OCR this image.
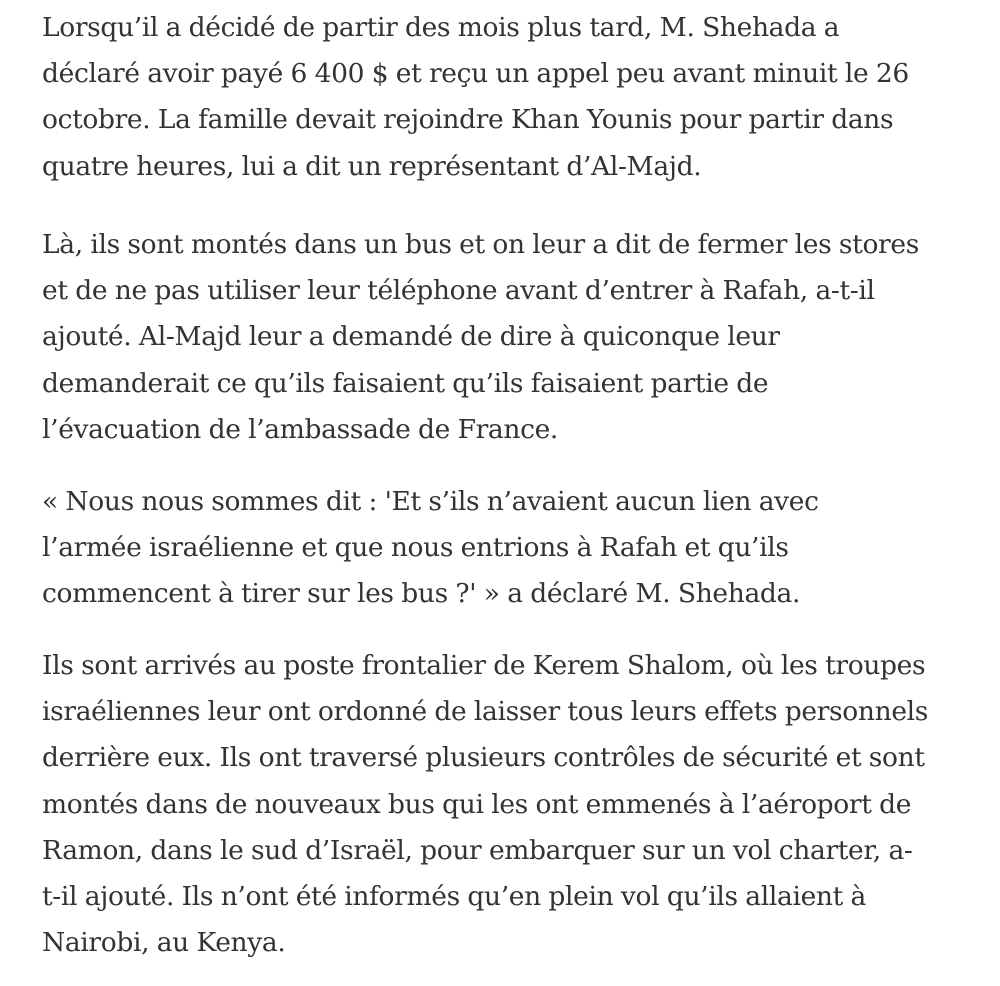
Lorsqu’il a décidé de partir des mois plus tard, M. Shehada a
déclaré avoir payé 6 400 $ et reçu un appel peu avant minuit le 26
octobre. La famille devait rejoindre Khan Younis pour partir dans
quatre heures, lui a dit un représentant d’Al-Majd.

Là, ils sont montés dans un bus et on leur a dit de fermer les stores
et de ne pas utiliser leur téléphone avant d’entrer à Rafah, a-t-il
ajouté. Al-Majd leur a demandé de dire à quiconque leur
demanderait ce qu’ils faisaient qu’ils faisaient partie de
l’évacuation de l’ambassade de France.

« Nous nous sommes dit : 'Et s’ils n’avaient aucun lien avec
l’armée israélienne et que nous entrions à Rafah et qu’ils
commencent à tirer sur les bus ?' » a déclaré M. Shehada.

Ils sont arrivés au poste frontalier de Kerem Shalom, où les troupes
israéliennes leur ont ordonné de laisser tous leurs effets personnels
derrière eux. Ils ont traversé plusieurs contrôles de sécurité et sont
montés dans de nouveaux bus qui les ont emmenés à l’aéroport de
Ramon, dans le sud d’Israël, pour embarquer sur un vol charter, a-
t-il ajouté. Ils n’ont été informés qu’en plein vol qu’ils allaient à
Nairobi, au Kenya.
